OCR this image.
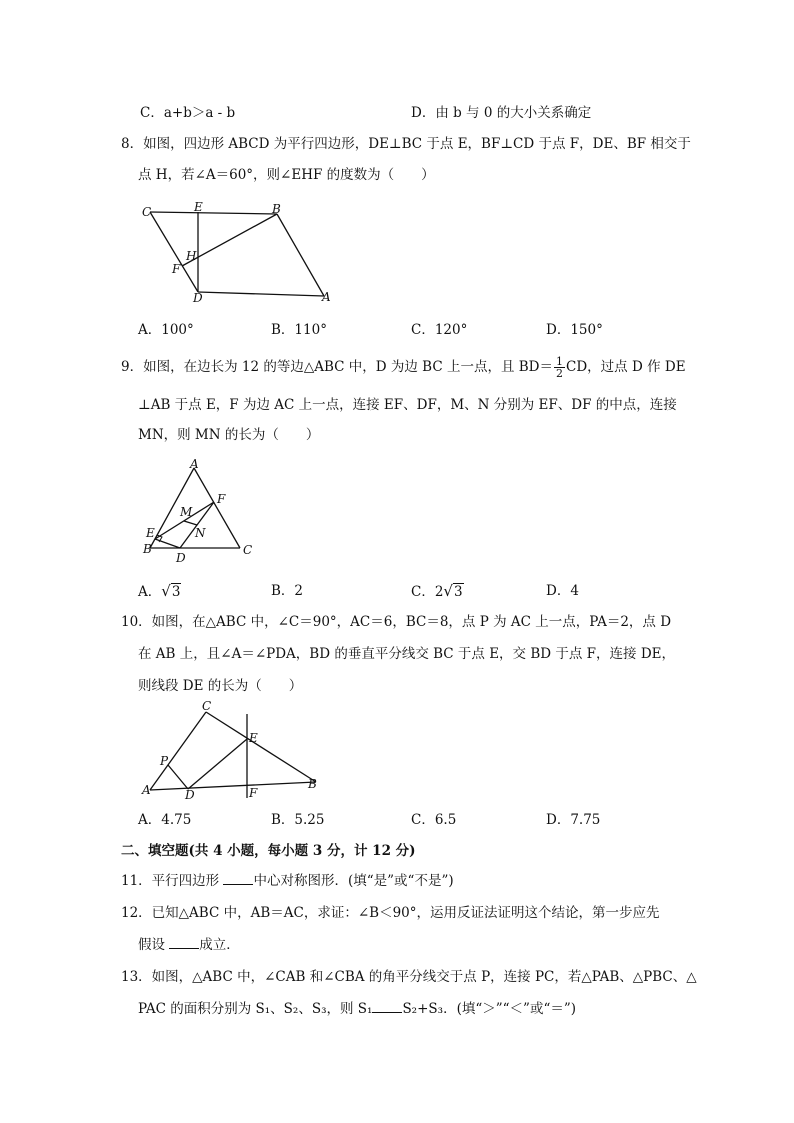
C．a+b＞a - b	D．由 b 与 0 的大小关系确定
8．如图，四边形 ABCD 为平行四边形，DE⊥BC 于点 E，BF⊥CD 于点 F，DE、BF 相交于
点 H，若∠A＝60°，则∠EHF 的度数为（　　）
C	E	B
H
F
D	A
A．100°	B．110°	C．120°	D．150°
9．如图，在边长为 12 的等边△ABC 中，D 为边 BC 上一点，且 $BD= \frac{1}{2}$ CD，过点 D 作 DE
⊥AB 于点 E，F 为边 AC 上一点，连接 EF、DF，M、N 分别为 EF、DF 的中点，连接
MN，则 MN 的长为（　　）
A
F
M
N
E
B
D
C
A．√3	B．2	C．2√3	D．4
10．如图，在△ABC 中，∠C＝90°，AC＝6，BC＝8，点 P 为 AC 上一点，PA＝2，点 D
在 AB 上，且∠A＝∠PDA，BD 的垂直平分线交 BC 于点 E，交 BD 于点 F，连接 DE，
则线段 DE 的长为（　　）
C
E
P
A	D	F
B
A．4.75	B．5.25	C．6.5	D．7.75
二、填空题(共 4 小题，每小题 3 分，计 12 分)
11．平行四边形 中心对称图形．(填“是”或“不是”)
12．已知△ABC 中，AB＝AC，求证：∠B＜90°，运用反证法证明这个结论，第一步应先
假设 成立．
13．如图，△ABC 中，∠CAB 和∠CBA 的角平分线交于点 P，连接 PC，若△PAB、△PBC、△
PAC 的面积分别为 S₁、S₂、S₃，则 S₁ S₂+S₃．(填“＞”“＜”或“＝”)
